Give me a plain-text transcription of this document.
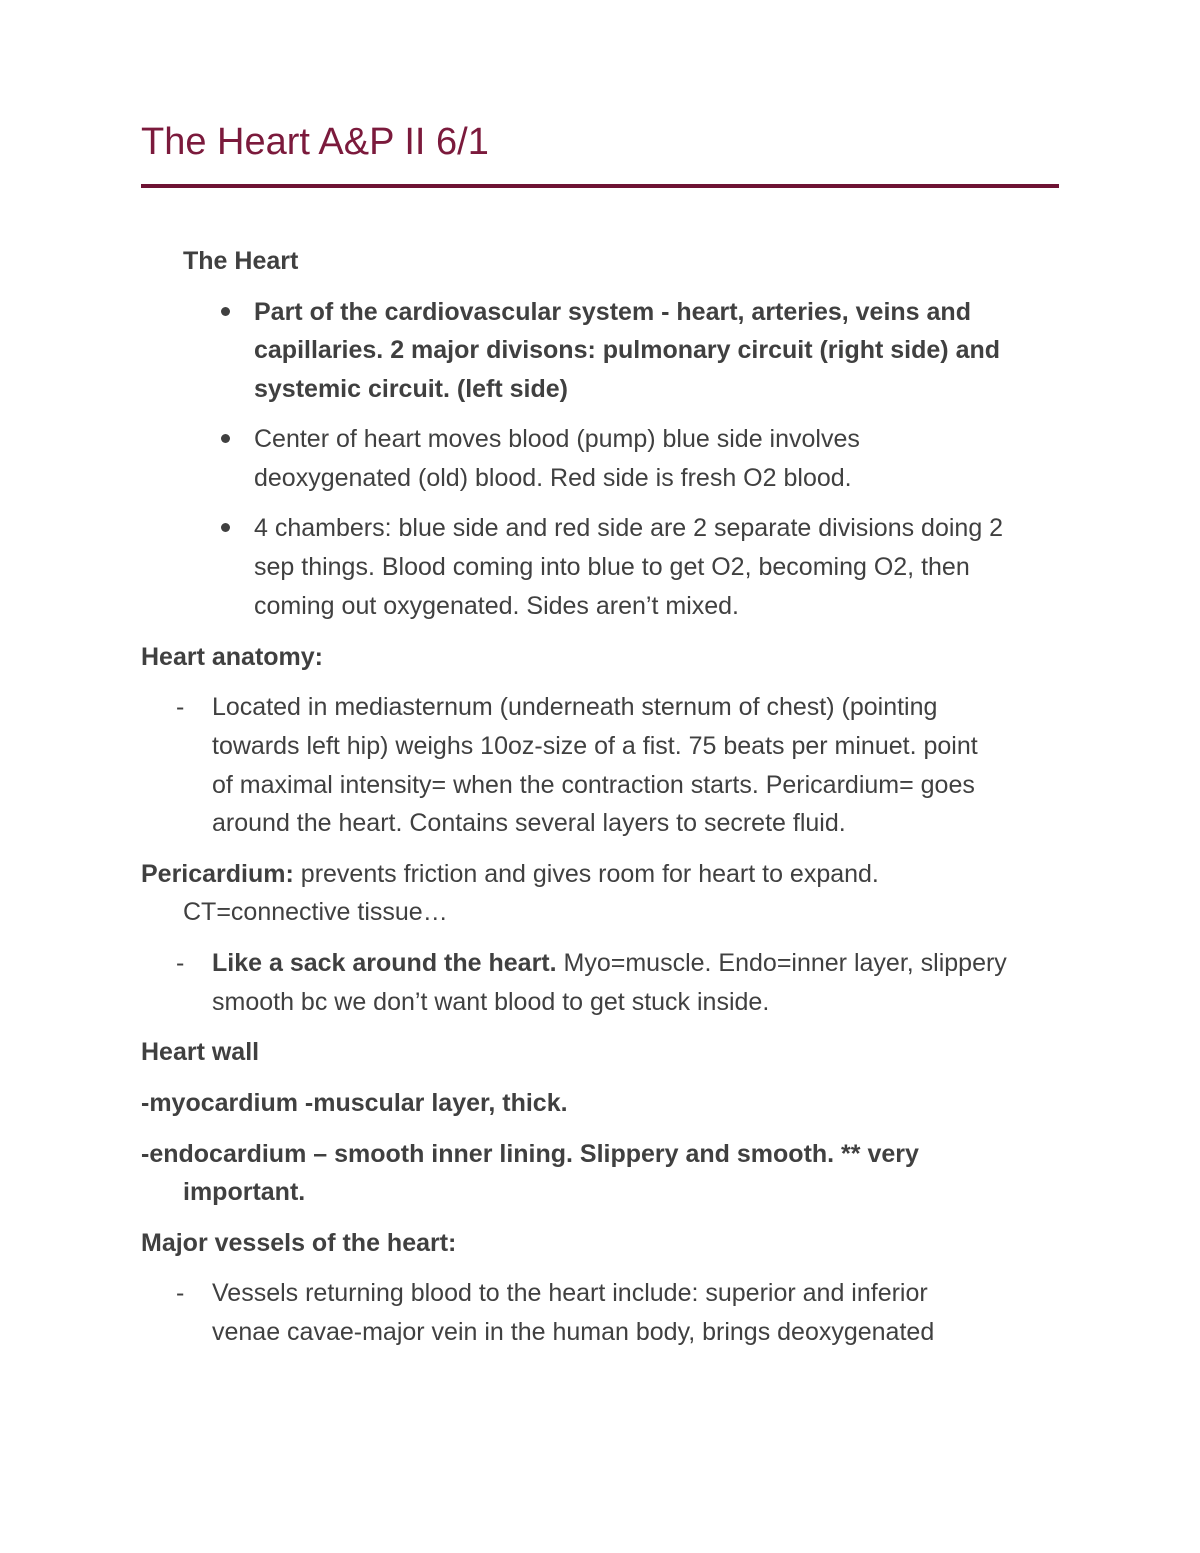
The Heart A&P II 6/1
The Heart
Part of the cardiovascular system - heart, arteries, veins and
capillaries. 2 major divisons: pulmonary circuit (right side) and
systemic circuit. (left side)
Center of heart moves blood (pump) blue side involves
deoxygenated (old) blood. Red side is fresh O2 blood.
4 chambers: blue side and red side are 2 separate divisions doing 2
sep things. Blood coming into blue to get O2, becoming O2, then
coming out oxygenated. Sides aren’t mixed.
Heart anatomy:
- Located in mediasternum (underneath sternum of chest) (pointing
towards left hip) weighs 10oz-size of a fist. 75 beats per minuet. point
of maximal intensity= when the contraction starts. Pericardium= goes
around the heart. Contains several layers to secrete fluid.
Pericardium: prevents friction and gives room for heart to expand.
CT=connective tissue…
- Like a sack around the heart. Myo=muscle. Endo=inner layer, slippery
smooth bc we don’t want blood to get stuck inside.
Heart wall
-myocardium -muscular layer, thick.
-endocardium – smooth inner lining. Slippery and smooth. ** very
important.
Major vessels of the heart:
- Vessels returning blood to the heart include: superior and inferior
venae cavae-major vein in the human body, brings deoxygenated
